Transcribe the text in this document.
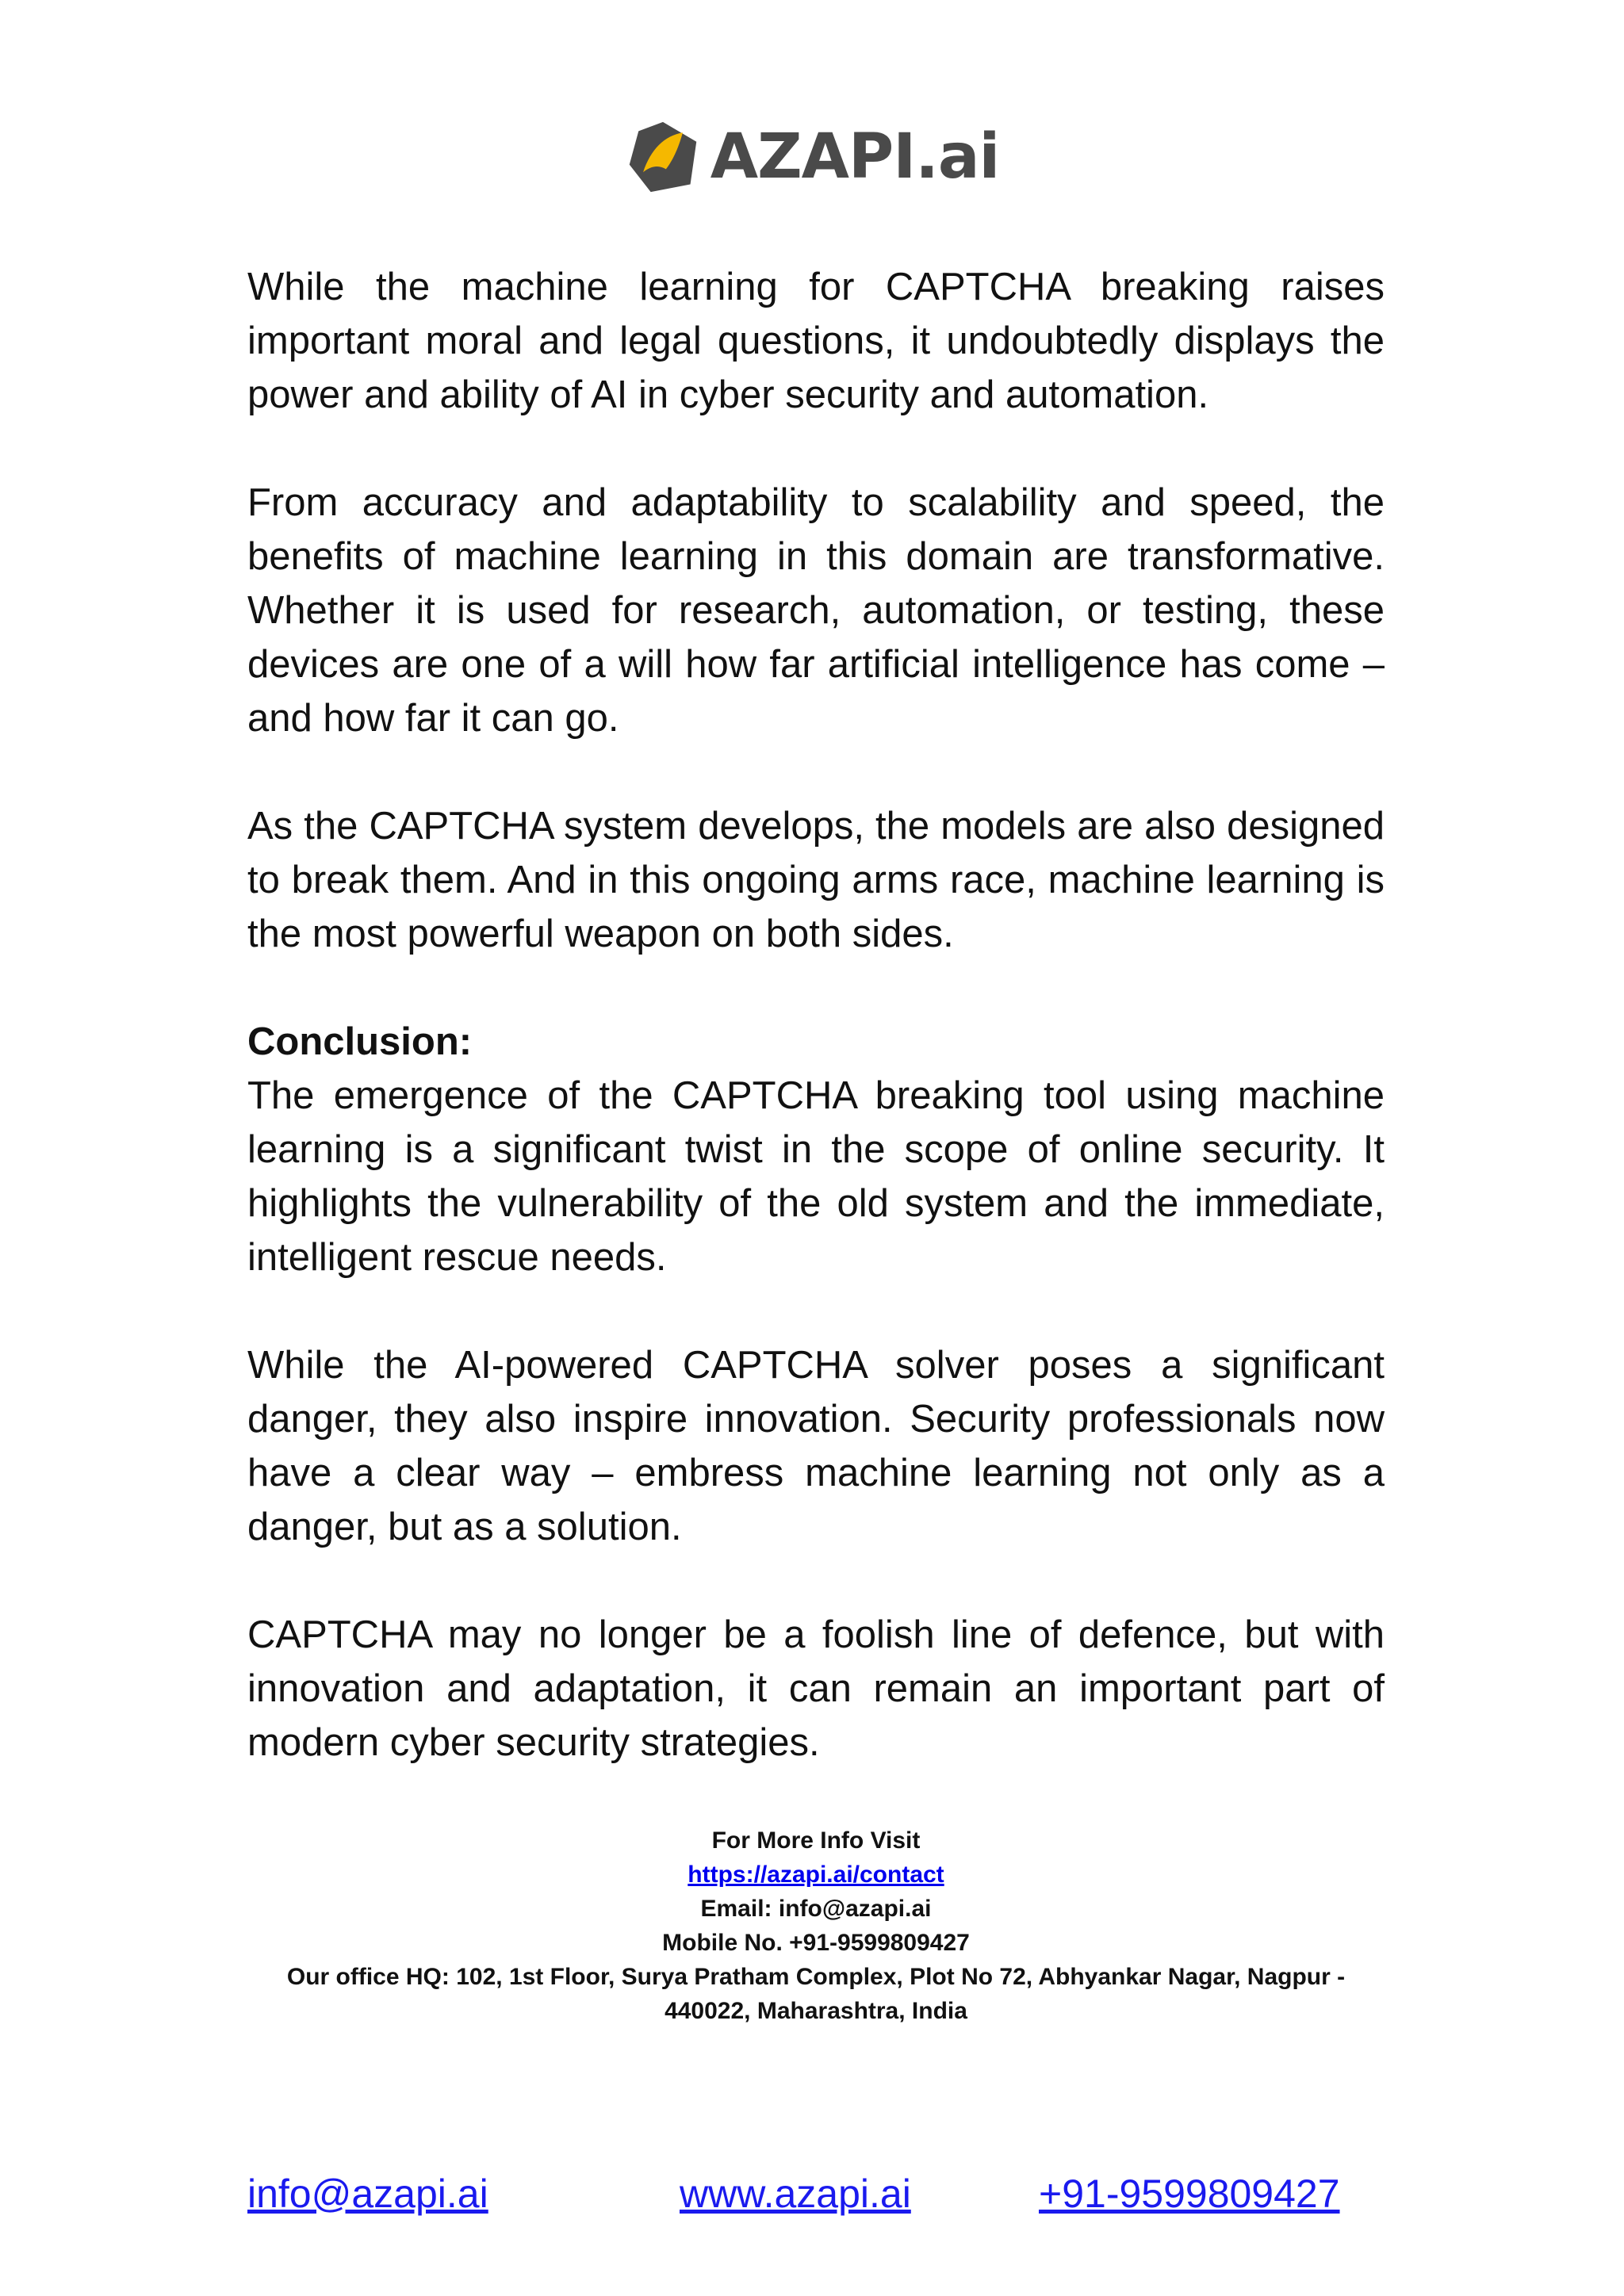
AZAPI.ai

While the machine learning for CAPTCHA breaking raises important moral and legal questions, it undoubtedly displays the power and ability of AI in cyber security and automation.

From accuracy and adaptability to scalability and speed, the benefits of machine learning in this domain are transformative. Whether it is used for research, automation, or testing, these devices are one of a will how far artificial intelligence has come – and how far it can go.

As the CAPTCHA system develops, the models are also designed to break them. And in this ongoing arms race, machine learning is the most powerful weapon on both sides.

Conclusion:

The emergence of the CAPTCHA breaking tool using machine learning is a significant twist in the scope of online security. It highlights the vulnerability of the old system and the immediate, intelligent rescue needs.

While the AI-powered CAPTCHA solver poses a significant danger, they also inspire innovation. Security professionals now have a clear way – embress machine learning not only as a danger, but as a solution.

CAPTCHA may no longer be a foolish line of defence, but with innovation and adaptation, it can remain an important part of modern cyber security strategies.

For More Info Visit
https://azapi.ai/contact
Email: info@azapi.ai
Mobile No. +91-9599809427
Our office HQ: 102, 1st Floor, Surya Pratham Complex, Plot No 72, Abhyankar Nagar, Nagpur -
440022, Maharashtra, India
info@azapi.ai	www.azapi.ai	+91-9599809427
